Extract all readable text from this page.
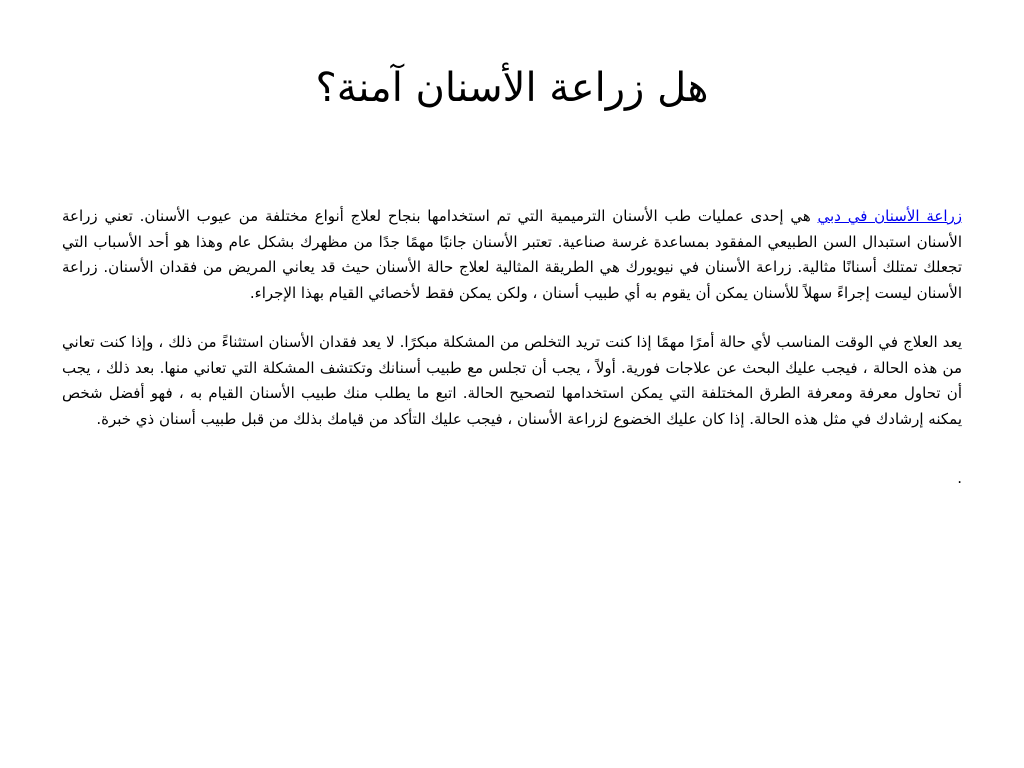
هل زراعة الأسنان آمنة؟

زراعة الأسنان في دبي هي إحدى عمليات طب الأسنان الترميمية التي تم استخدامها بنجاح لعلاج أنواع مختلفة من عيوب الأسنان. تعني زراعة الأسنان استبدال السن الطبيعي المفقود بمساعدة غرسة صناعية. تعتبر الأسنان جانبًا مهمًا جدًا من مظهرك بشكل عام وهذا هو أحد الأسباب التي تجعلك تمتلك أسنانًا مثالية. زراعة الأسنان في نيويورك هي الطريقة المثالية لعلاج حالة الأسنان حيث قد يعاني المريض من فقدان الأسنان. زراعة الأسنان ليست إجراءً سهلاً للأسنان يمكن أن يقوم به أي طبيب أسنان ، ولكن يمكن فقط لأخصائي القيام بهذا الإجراء.

يعد العلاج في الوقت المناسب لأي حالة أمرًا مهمًا إذا كنت تريد التخلص من المشكلة مبكرًا. لا يعد فقدان الأسنان استثناءً من ذلك ، وإذا كنت تعاني من هذه الحالة ، فيجب عليك البحث عن علاجات فورية. أولاً ، يجب أن تجلس مع طبيب أسنانك وتكتشف المشكلة التي تعاني منها. بعد ذلك ، يجب أن تحاول معرفة ومعرفة الطرق المختلفة التي يمكن استخدامها لتصحيح الحالة. اتبع ما يطلب منك طبيب الأسنان القيام به ، فهو أفضل شخص يمكنه إرشادك في مثل هذه الحالة. إذا كان عليك الخضوع لزراعة الأسنان ، فيجب عليك التأكد من قيامك بذلك من قبل طبيب أسنان ذي خبرة.

.
